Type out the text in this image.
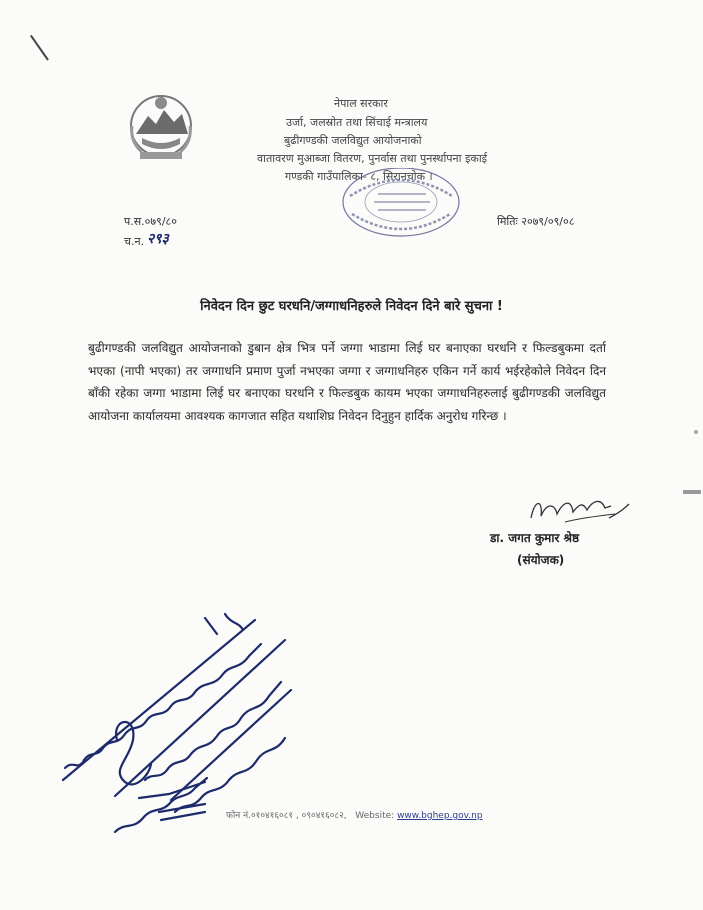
नेपाल सरकार
उर्जा, जलस्रोत तथा सिंचाई मन्त्रालय
बुढीगण्डकी जलविद्युत आयोजनाको
वातावरण मुआब्जा वितरण, पुनर्वास तथा पुनर्स्थापना इकाई
गण्डकी गाउँपालिका- ८, सिरानचोक ।
प.स.०७९/८०
च.न. २९३
मितिः २०७९/०९/०८
निवेदन दिन छुट घरधनि/जग्गाधनिहरुले निवेदन दिने बारे सुचना !
बुढीगण्डकी जलविद्युत आयोजनाको डुबान क्षेत्र भित्र पर्ने जग्गा भाडामा लिई घर बनाएका घरधनि र फिल्डबुकमा दर्ता भएका (नापी भएका) तर जग्गाधनि प्रमाण पुर्जा नभएका जग्गा र जग्गाधनिहरु एकिन गर्ने कार्य भईरहेकोले निवेदन दिन बाँकी रहेका जग्गा भाडामा लिई घर बनाएका घरधनि र फिल्डबुक कायम भएका जग्गाधनिहरुलाई बुढीगण्डकी जलविद्युत आयोजना कार्यालयमा आवश्यक कागजात सहित यथाशिघ्र निवेदन दिनुहुन हार्दिक अनुरोध गरिन्छ ।
डा. जगत कुमार श्रेष्ठ
(संयोजक)
फोन नं.०१०४१६०८१ , ०९०४१६०८२, Website: www.bghep.gov.np
